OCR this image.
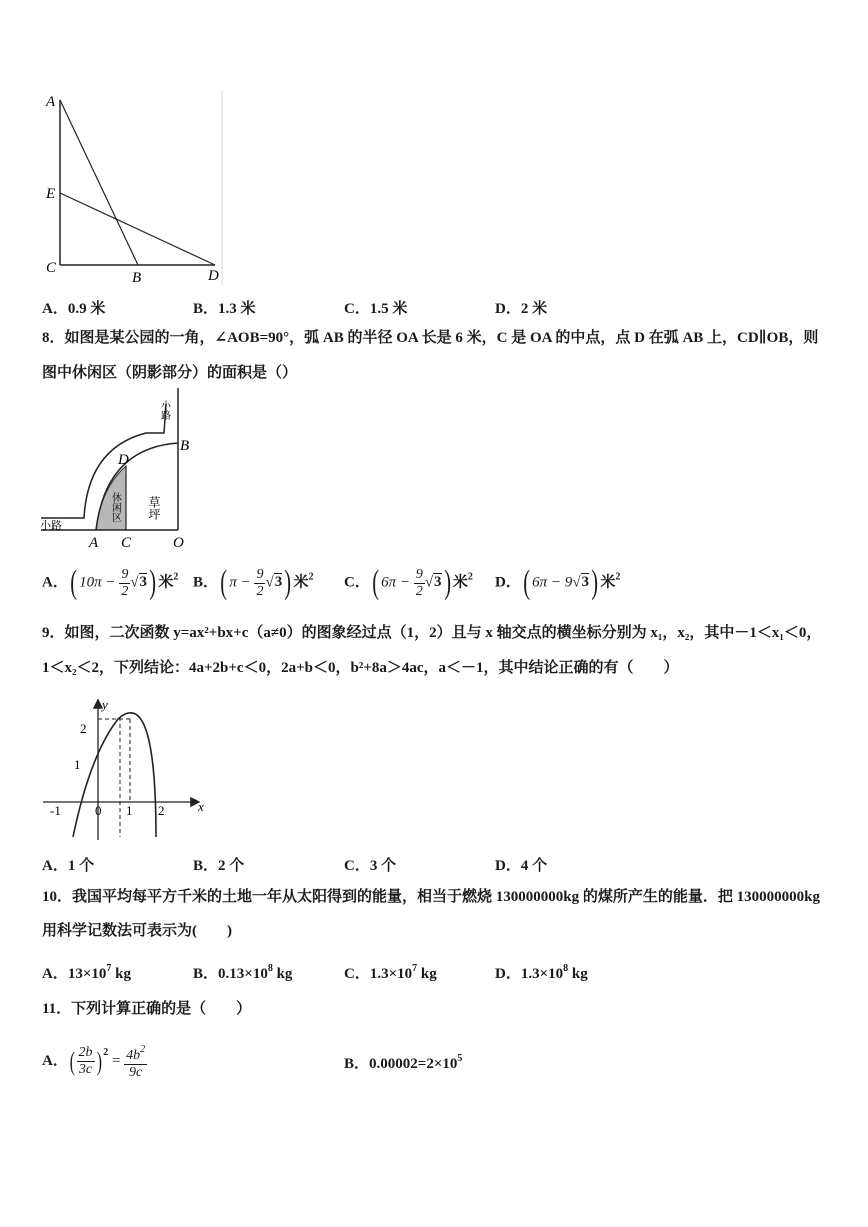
A
E
C
B	D
A．0.9 米	B．1.3 米	C．1.5 米	D．2 米
8．如图是某公园的一角，∠AOB=90°，弧 AB 的半径 OA 长是 6 米，C 是 OA 的中点，点 D 在弧 AB 上，CD∥OB，则
图中休闲区（阴影部分）的面积是（）
小路
B
D
休闲区 草坪
小路
A C	O
A．( $10\pi - \frac{9}{2} √3$) 米$^2$ B．( $\pi - \frac{9}{2} √3$) 米$^2$ C．( $6\pi - \frac{9}{2} √3$) 米$^2$ D．( 6π − 9√3) 米$^2$
9．如图，二次函数 y=ax²+bx+c（a≠0）的图象经过点（1，2）且与 x 轴交点的横坐标分别为 x₁，x₂，其中－1＜x₁＜0，
1＜x₂＜2，下列结论：4a+2b+c＜0，2a+b＜0，b²+8a＞4ac，a＜－1，其中结论正确的有（　　）
y
x
2
1
-1	0 1 2
A．1 个	B．2 个	C．3 个	D．4 个
10．我国平均每平方千米的土地一年从太阳得到的能量，相当于燃烧 130000000kg 的煤所产生的能量．把 130000000kg
用科学记数法可表示为(　　)
A．$13\times 10^7$ kg	B．$0.13\times 10^8$ kg	C．$1.3\times 10^7$ kg	D．$1.3\times 10^8$ kg
11．下列计算正确的是（　　）
A．( $\frac{2b}{3c}$ ) $^2 = \frac{4b^2}{9c}$	B．$0.00002=2\times 10^5$
